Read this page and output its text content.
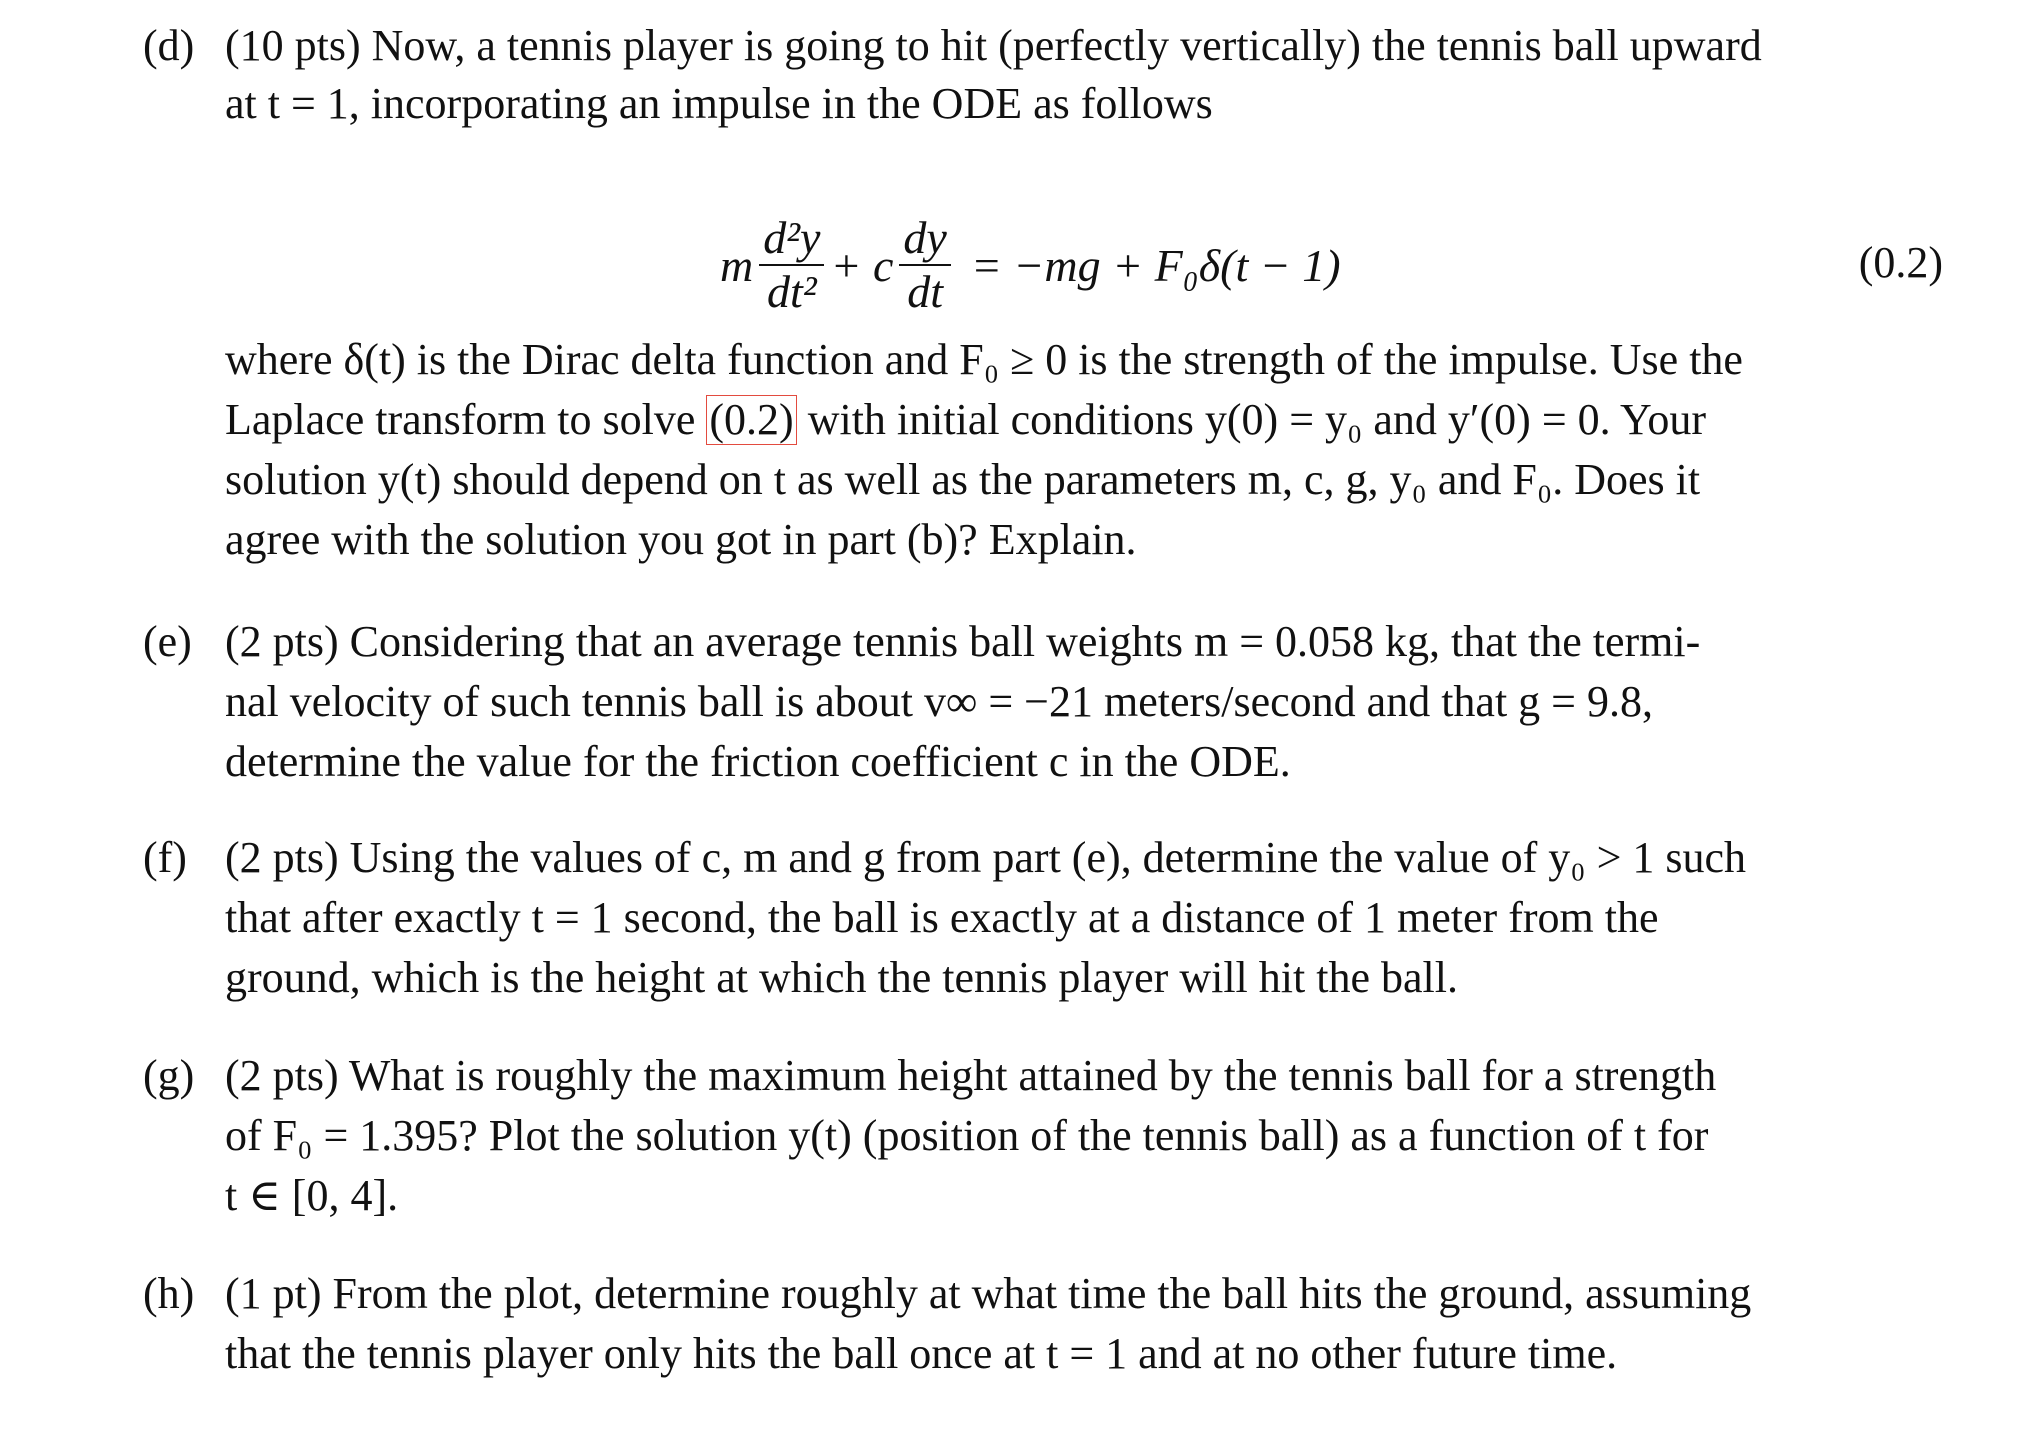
(d) (10 pts) Now, a tennis player is going to hit (perfectly vertically) the tennis ball upward
at t = 1, incorporating an impulse in the ODE as follows
m $\frac{\text{d²y}}{\text{dt²}} + c \frac{dy}{dt} = -mg + F_0\delta(t - 1)$	(0.2)
where δ(t) is the Dirac delta function and F₀ ≥ 0 is the strength of the impulse. Use the
Laplace transform to solve (0.2) with initial conditions y(0) = y₀ and y′(0) = 0. Your
solution y(t) should depend on t as well as the parameters m, c, g, y₀ and F₀. Does it
agree with the solution you got in part (b)? Explain.
(e) (2 pts) Considering that an average tennis ball weights m = 0.058 kg, that the termi-
nal velocity of such tennis ball is about v∞ = −21 meters/second and that g = 9.8,
determine the value for the friction coefficient c in the ODE.
(f) (2 pts) Using the values of c, m and g from part (e), determine the value of y₀ > 1 such
that after exactly t = 1 second, the ball is exactly at a distance of 1 meter from the
ground, which is the height at which the tennis player will hit the ball.
(g) (2 pts) What is roughly the maximum height attained by the tennis ball for a strength
of F₀ = 1.395? Plot the solution y(t) (position of the tennis ball) as a function of t for
t ∈ [0, 4].
(h) (1 pt) From the plot, determine roughly at what time the ball hits the ground, assuming
that the tennis player only hits the ball once at t = 1 and at no other future time.
